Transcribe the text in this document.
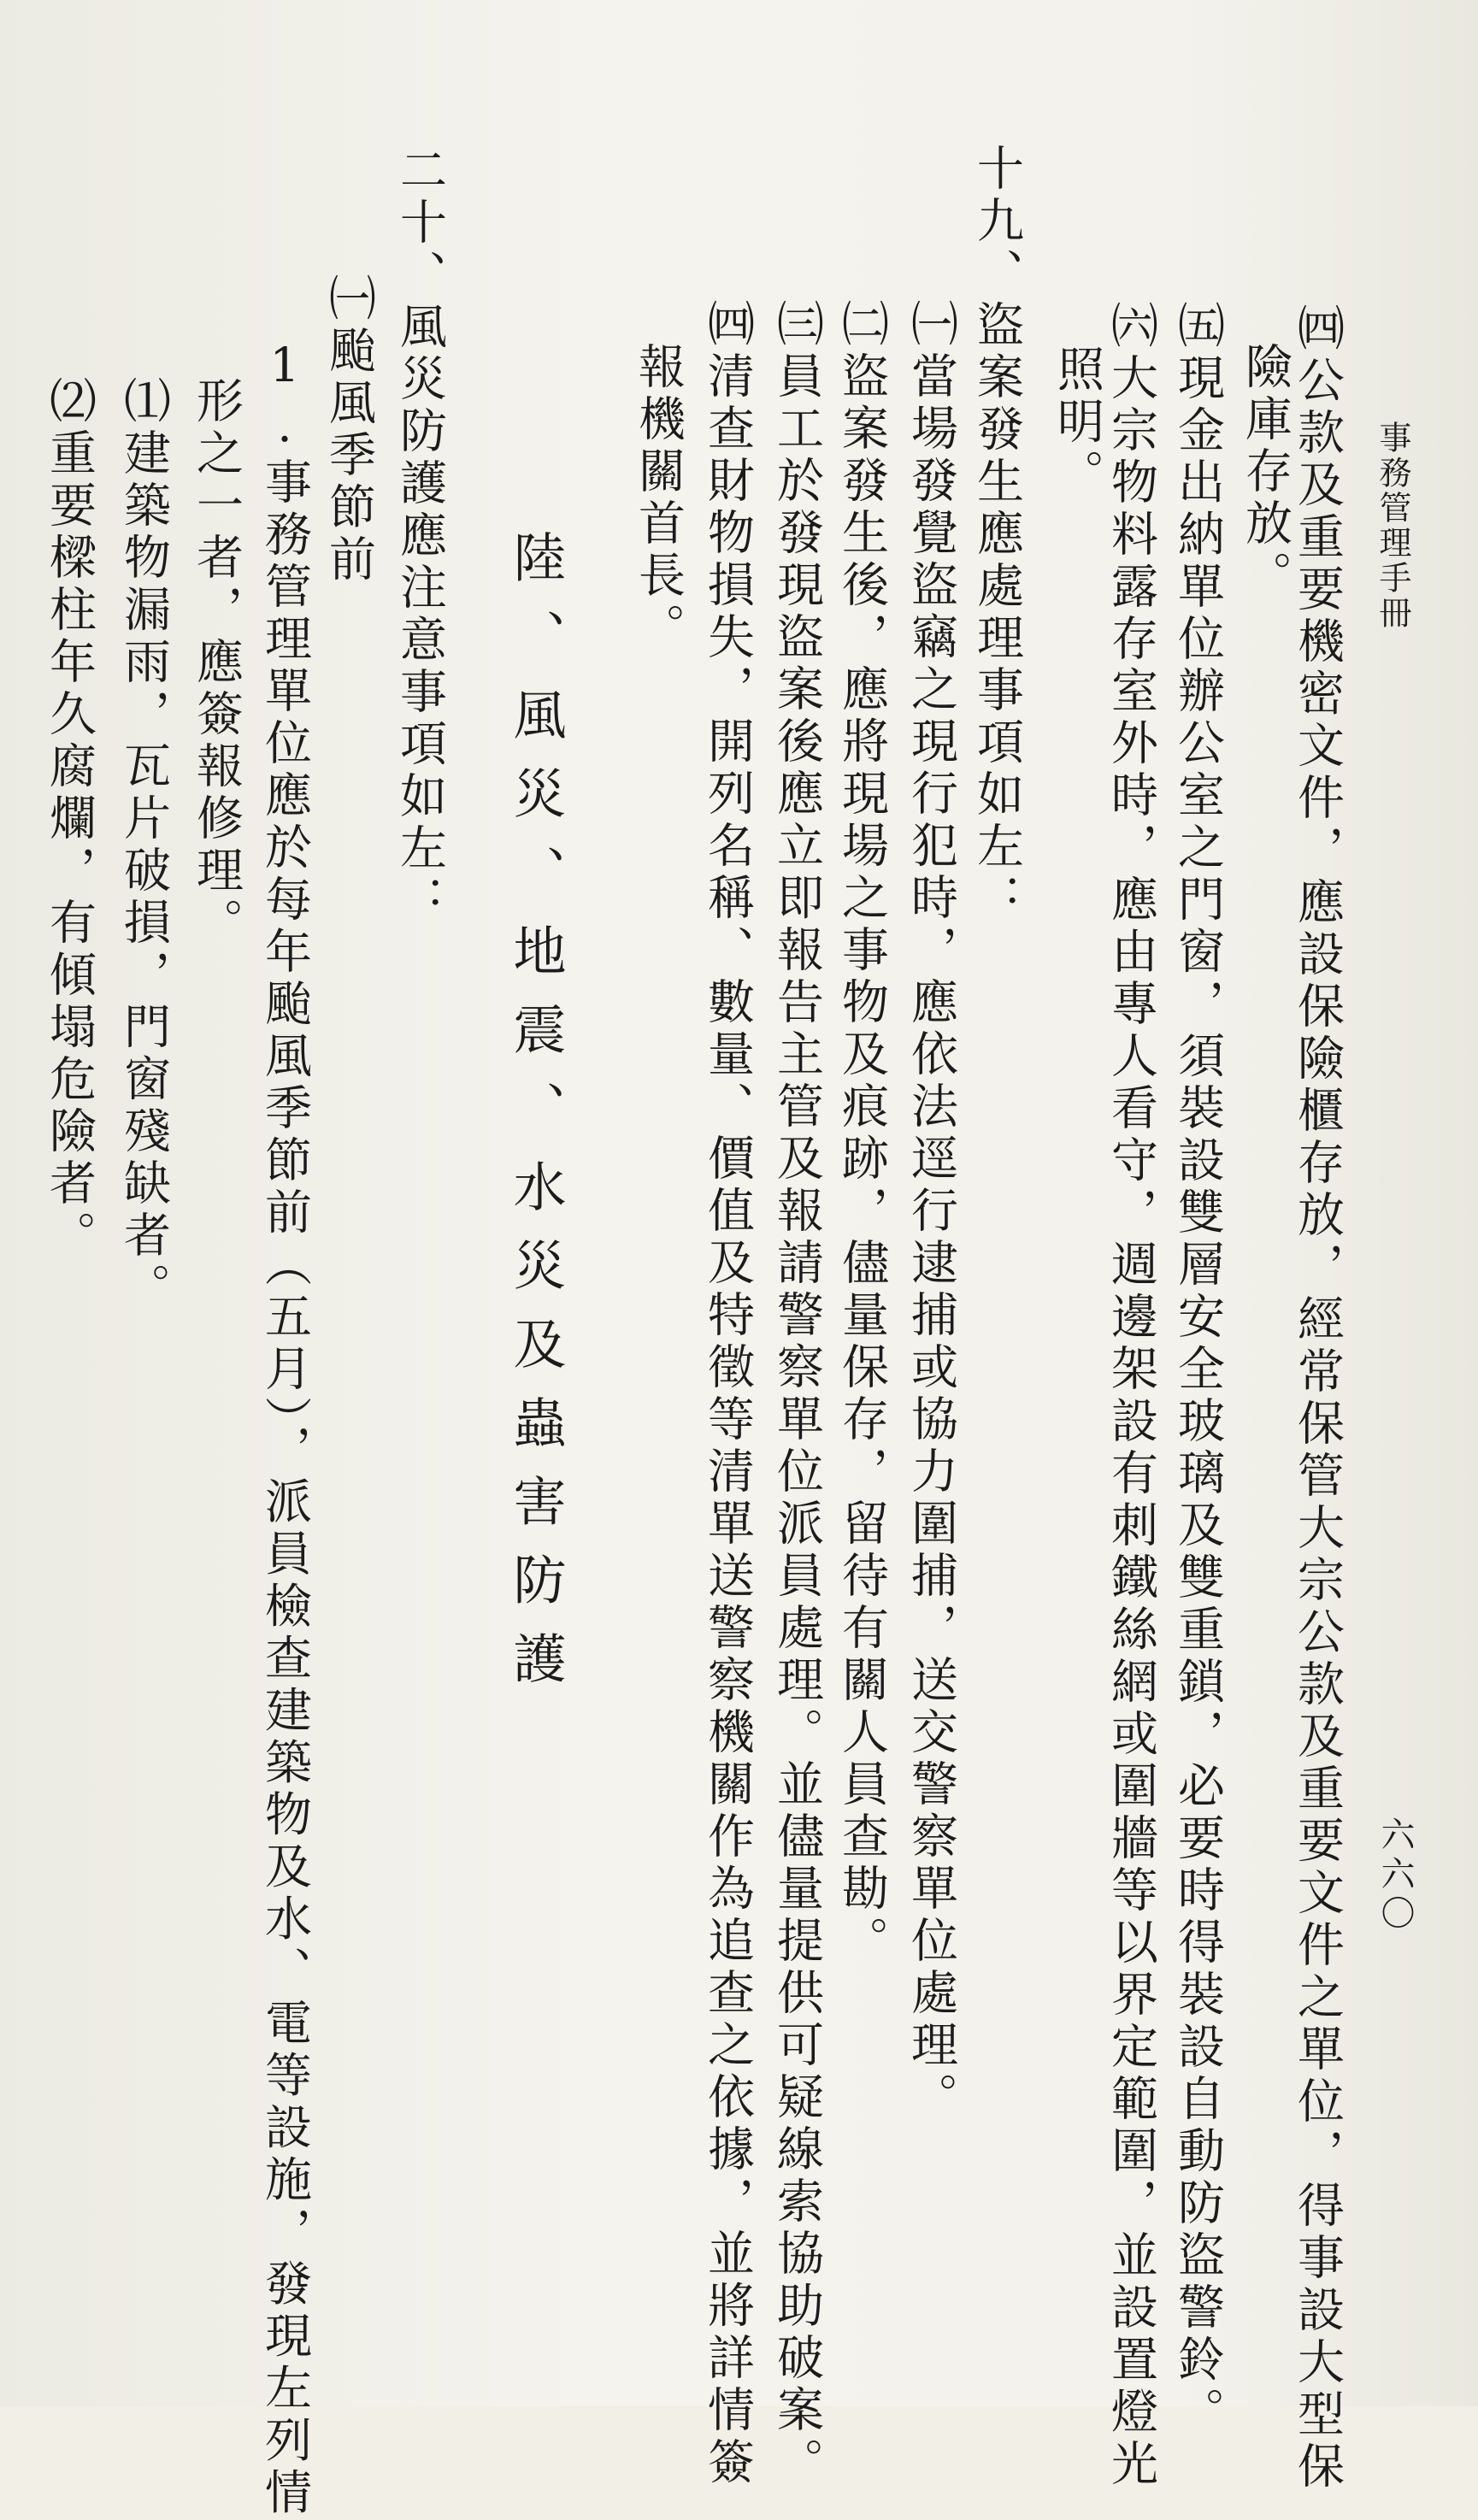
事務管理手冊
六六〇
㈣公款及重要機密文件，應設保險櫃存放，經常保管大宗公款及重要文件之單位，得事設大型保
險庫存放。
㈤現金出納單位辦公室之門窗，須裝設雙層安全玻璃及雙重鎖，必要時得裝設自動防盜警鈴。
㈥大宗物料露存室外時，應由專人看守，週邊架設有刺鐵絲網或圍牆等以界定範圍，並設置燈光
照明。
十九、盜案發生應處理事項如左：
㈠當場發覺盜竊之現行犯時，應依法逕行逮捕或協力圍捕，送交警察單位處理。
㈡盜案發生後，應將現場之事物及痕跡，儘量保存，留待有關人員查勘。
㈢員工於發現盜案後應立即報告主管及報請警察單位派員處理。並儘量提供可疑線索協助破案。
㈣清查財物損失，開列名稱、數量、價值及特徵等清單送警察機關作為追查之依據，並將詳情簽
報機關首長。
陸、風災、地震、水災及蟲害防護
二十、風災防護應注意事項如左：
㈠颱風季節前
1.事務管理單位應於每年颱風季節前（五月），派員檢查建築物及水、電等設施，發現左列情
形之一者，應簽報修理。
⑴建築物漏雨，瓦片破損，門窗殘缺者。
⑵重要樑柱年久腐爛，有傾塌危險者。
